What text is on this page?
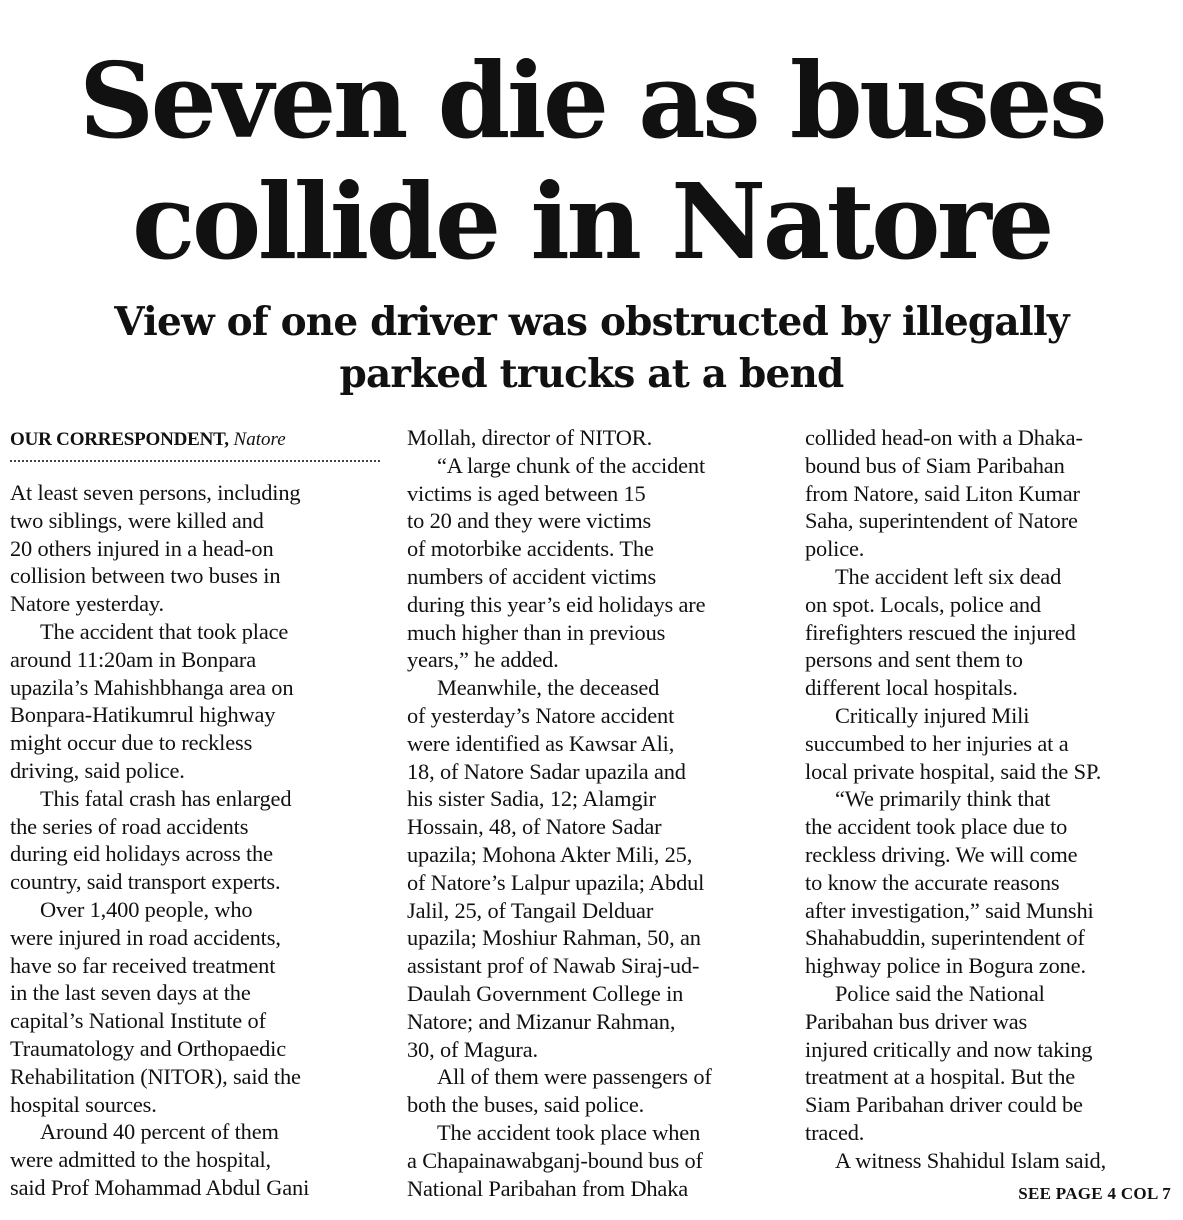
Seven die as buses
collide in Natore
View of one driver was obstructed by illegally
parked trucks at a bend
OUR CORRESPONDENT, Natore

At least seven persons, including

two siblings, were killed and

20 others injured in a head-on

collision between two buses in

Natore yesterday.

The accident that took place

around 11:20am in Bonpara

upazila’s Mahishbhanga area on

Bonpara-Hatikumrul highway

might occur due to reckless

driving, said police.

This fatal crash has enlarged

the series of road accidents

during eid holidays across the

country, said transport experts.

Over 1,400 people, who

were injured in road accidents,

have so far received treatment

in the last seven days at the

capital’s National Institute of

Traumatology and Orthopaedic

Rehabilitation (NITOR), said the

hospital sources.

Around 40 percent of them

were admitted to the hospital,

said Prof Mohammad Abdul Gani

Mollah, director of NITOR.

“A large chunk of the accident

victims is aged between 15

to 20 and they were victims

of motorbike accidents. The

numbers of accident victims

during this year’s eid holidays are

much higher than in previous

years,” he added.

Meanwhile, the deceased

of yesterday’s Natore accident

were identified as Kawsar Ali,

18, of Natore Sadar upazila and

his sister Sadia, 12; Alamgir

Hossain, 48, of Natore Sadar

upazila; Mohona Akter Mili, 25,

of Natore’s Lalpur upazila; Abdul

Jalil, 25, of Tangail Delduar

upazila; Moshiur Rahman, 50, an

assistant prof of Nawab Siraj-ud-

Daulah Government College in

Natore; and Mizanur Rahman,

30, of Magura.

All of them were passengers of

both the buses, said police.

The accident took place when

a Chapainawabganj-bound bus of

National Paribahan from Dhaka

collided head-on with a Dhaka-

bound bus of Siam Paribahan

from Natore, said Liton Kumar

Saha, superintendent of Natore

police.

The accident left six dead

on spot. Locals, police and

firefighters rescued the injured

persons and sent them to

different local hospitals.

Critically injured Mili

succumbed to her injuries at a

local private hospital, said the SP.

“We primarily think that

the accident took place due to

reckless driving. We will come

to know the accurate reasons

after investigation,” said Munshi

Shahabuddin, superintendent of

highway police in Bogura zone.

Police said the National

Paribahan bus driver was

injured critically and now taking

treatment at a hospital. But the

Siam Paribahan driver could be

traced.

A witness Shahidul Islam said,

SEE PAGE 4 COL 7
